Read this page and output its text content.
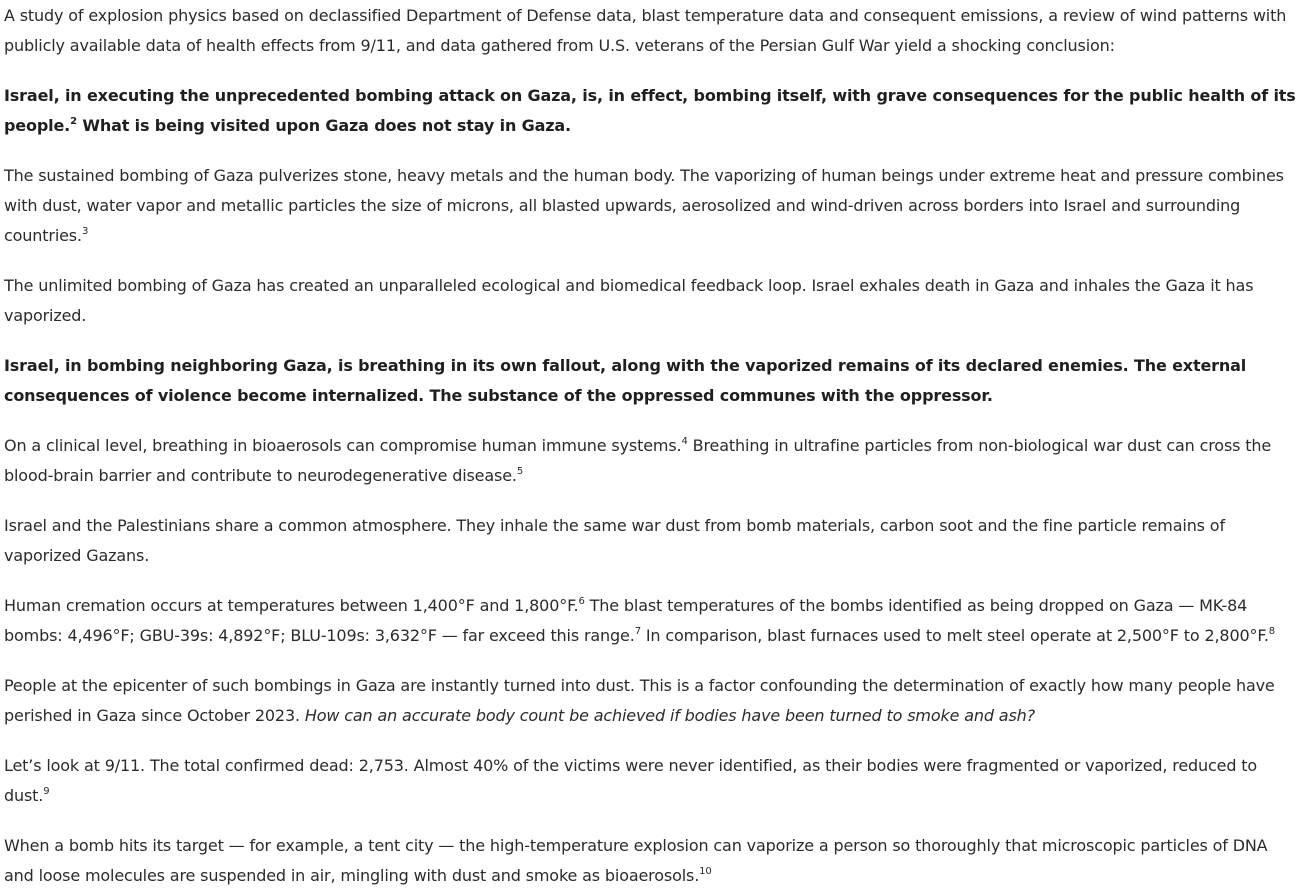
A study of explosion physics based on declassified Department of Defense data, blast temperature data and consequent emissions, a review of wind patterns with publicly available data of health effects from 9/11, and data gathered from U.S. veterans of the Persian Gulf War yield a shocking conclusion:

Israel, in executing the unprecedented bombing attack on Gaza, is, in effect, bombing itself, with grave consequences for the public health of its people.$^2$ What is being visited upon Gaza does not stay in Gaza.

The sustained bombing of Gaza pulverizes stone, heavy metals and the human body. The vaporizing of human beings under extreme heat and pressure combines with dust, water vapor and metallic particles the size of microns, all blasted upwards, aerosolized and wind-driven across borders into Israel and surrounding countries.$^3$

The unlimited bombing of Gaza has created an unparalleled ecological and biomedical feedback loop. Israel exhales death in Gaza and inhales the Gaza it has vaporized.

Israel, in bombing neighboring Gaza, is breathing in its own fallout, along with the vaporized remains of its declared enemies. The external consequences of violence become internalized. The substance of the oppressed communes with the oppressor.

On a clinical level, breathing in bioaerosols can compromise human immune systems.$^4$ Breathing in ultrafine particles from non-biological war dust can cross the blood-brain barrier and contribute to neurodegenerative disease.$^5$

Israel and the Palestinians share a common atmosphere. They inhale the same war dust from bomb materials, carbon soot and the fine particle remains of vaporized Gazans.

Human cremation occurs at temperatures between 1,400°F and 1,800°F.$^6$ The blast temperatures of the bombs identified as being dropped on Gaza — MK-84 bombs: 4,496°F; GBU-39s: 4,892°F; BLU-109s: 3,632°F — far exceed this range.$^7$ In comparison, blast furnaces used to melt steel operate at 2,500°F to 2,800°F.$^8$

People at the epicenter of such bombings in Gaza are instantly turned into dust. This is a factor confounding the determination of exactly how many people have perished in Gaza since October 2023. How can an accurate body count be achieved if bodies have been turned to smoke and ash?

Let’s look at 9/11. The total confirmed dead: 2,753. Almost 40% of the victims were never identified, as their bodies were fragmented or vaporized, reduced to dust.$^9$

When a bomb hits its target — for example, a tent city — the high-temperature explosion can vaporize a person so thoroughly that microscopic particles of DNA and loose molecules are suspended in air, mingling with dust and smoke as bioaerosols.$^{10}$
